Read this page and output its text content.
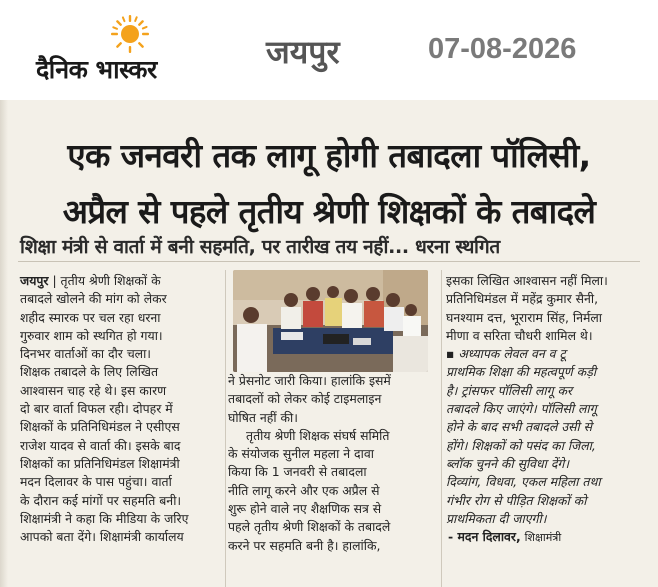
दैनिक भास्कर	जयपुर	07-08-2026
एक जनवरी तक लागू होगी तबादला पॉलिसी,
अप्रैल से पहले तृतीय श्रेणी शिक्षकों के तबादले
शिक्षा मंत्री से वार्ता में बनी सहमति, पर तारीख तय नहीं... धरना स्थगित

जयपुर | तृतीय श्रेणी शिक्षकों के

तबादले खोलने की मांग को लेकर

शहीद स्मारक पर चल रहा धरना

गुरुवार शाम को स्थगित हो गया।

दिनभर वार्ताओं का दौर चला।

शिक्षक तबादले के लिए लिखित

आश्वासन चाह रहे थे। इस कारण

दो बार वार्ता विफल रही। दोपहर में

शिक्षकों के प्रतिनिधिमंडल ने एसीएस

राजेश यादव से वार्ता की। इसके बाद

शिक्षकों का प्रतिनिधिमंडल शिक्षामंत्री

मदन दिलावर के पास पहुंचा। वार्ता

के दौरान कई मांगों पर सहमति बनी।

शिक्षामंत्री ने कहा कि मीडिया के जरिए

आपको बता देंगे। शिक्षामंत्री कार्यालय

ने प्रेसनोट जारी किया। हालांकि इसमें

तबादलों को लेकर कोई टाइमलाइन

घोषित नहीं की।

तृतीय श्रेणी शिक्षक संघर्ष समिति

के संयोजक सुनील महला ने दावा

किया कि 1 जनवरी से तबादला

नीति लागू करने और एक अप्रैल से

शुरू होने वाले नए शैक्षणिक सत्र से

पहले तृतीय श्रेणी शिक्षकों के तबादले

करने पर सहमति बनी है। हालांकि,

इसका लिखित आश्वासन नहीं मिला।

प्रतिनिधिमंडल में महेंद्र कुमार सैनी,

घनश्याम दत्त, भूराराम सिंह, निर्मला

मीणा व सरिता चौधरी शामिल थे।

▪ अध्यापक लेवल वन व टू

प्राथमिक शिक्षा की महत्वपूर्ण कड़ी

है। ट्रांसफर पॉलिसी लागू कर

तबादले किए जाएंगे। पॉलिसी लागू

होने के बाद सभी तबादले उसी से

होंगे। शिक्षकों को पसंद का जिला,

ब्लॉक चुनने की सुविधा देंगे।

दिव्यांग, विधवा, एकल महिला तथा

गंभीर रोग से पीड़ित शिक्षकों को

प्राथमिकता दी जाएगी।

- मदन दिलावर, शिक्षामंत्री
